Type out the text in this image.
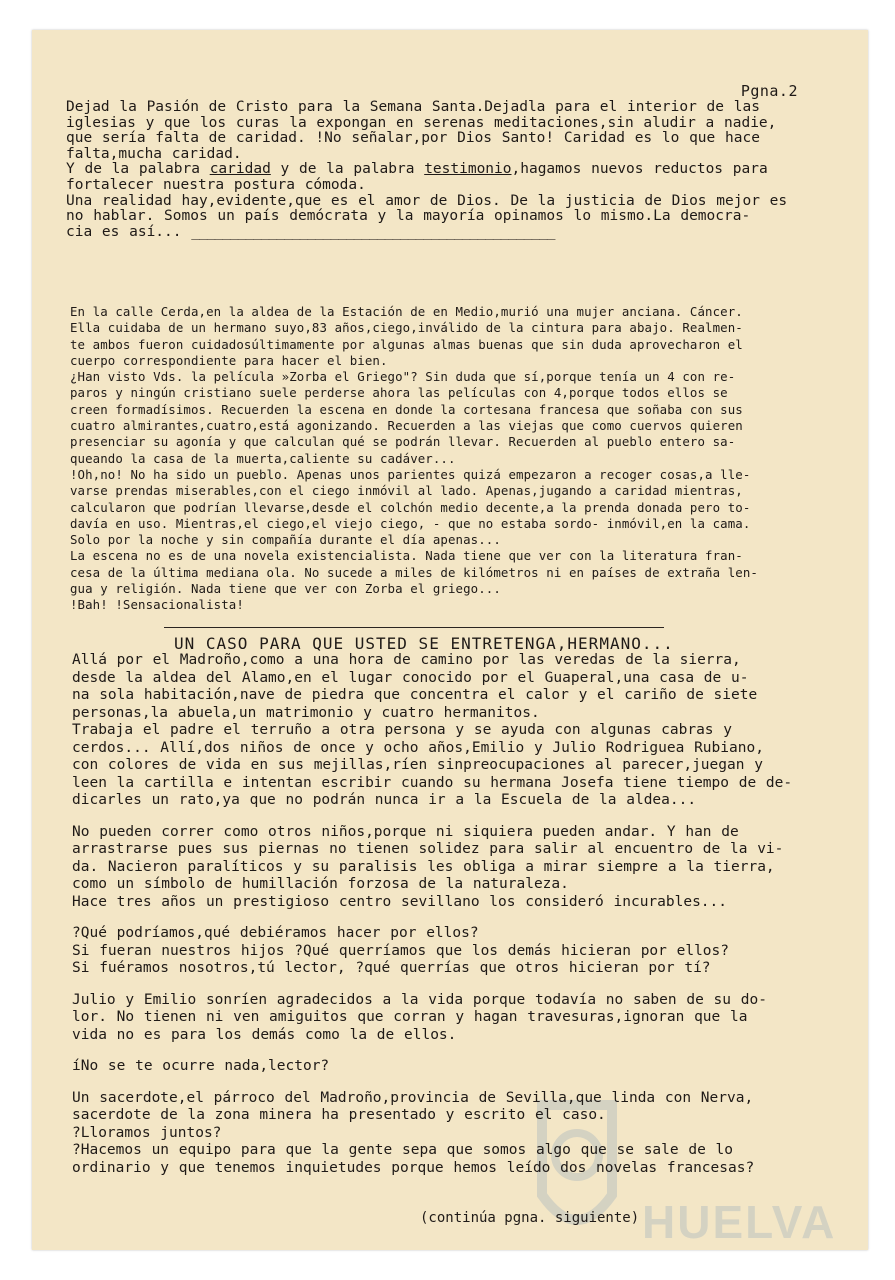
HUELVA
Pgna.2

Dejad la Pasión de Cristo para la Semana Santa.Dejadla para el interior de las

iglesias y que los curas la expongan en serenas meditaciones,sin aludir a nadie,

que sería falta de caridad. !No señalar,por Dios Santo! Caridad es lo que hace

falta,mucha caridad.

Y de la palabra caridad y de la palabra testimonio,hagamos nuevos reductos para

fortalecer nuestra postura cómoda.

Una realidad hay,evidente,que es el amor de Dios. De la justicia de Dios mejor es

no hablar. Somos un país demócrata y la mayoría opinamos lo mismo.La democra-

cia es así... _______________________________________________

En la calle Cerda,en la aldea de la Estación de en Medio,murió una mujer anciana. Cáncer.

Ella cuidaba de un hermano suyo,83 años,ciego,inválido de la cintura para abajo. Realmen-

te ambos fueron cuidadosúltimamente por algunas almas buenas que sin duda aprovecharon el

cuerpo correspondiente para hacer el bien.

¿Han visto Vds. la película »Zorba el Griego"? Sin duda que sí,porque tenía un 4 con re-

paros y ningún cristiano suele perderse ahora las películas con 4,porque todos ellos se

creen formadísimos. Recuerden la escena en donde la cortesana francesa que soñaba con sus

cuatro almirantes,cuatro,está agonizando. Recuerden a las viejas que como cuervos quieren

presenciar su agonía y que calculan qué se podrán llevar. Recuerden al pueblo entero sa-

queando la casa de la muerta,caliente su cadáver...

!Oh,no! No ha sido un pueblo. Apenas unos parientes quizá empezaron a recoger cosas,a lle-

varse prendas miserables,con el ciego inmóvil al lado. Apenas,jugando a caridad mientras,

calcularon que podrían llevarse,desde el colchón medio decente,a la prenda donada pero to-

davía en uso. Mientras,el ciego,el viejo ciego, - que no estaba sordo- inmóvil,en la cama.

Solo por la noche y sin compañía durante el día apenas...

La escena no es de una novela existencialista. Nada tiene que ver con la literatura fran-

cesa de la última mediana ola. No sucede a miles de kilómetros ni en países de extraña len-

gua y religión. Nada tiene que ver con Zorba el griego...

!Bah! !Sensacionalista!

UN CASO PARA QUE USTED SE ENTRETENGA,HERMANO...

Allá por el Madroño,como a una hora de camino por las veredas de la sierra,

desde la aldea del Alamo,en el lugar conocido por el Guaperal,una casa de u-

na sola habitación,nave de piedra que concentra el calor y el cariño de siete

personas,la abuela,un matrimonio y cuatro hermanitos.

Trabaja el padre el terruño a otra persona y se ayuda con algunas cabras y

cerdos... Allí,dos niños de once y ocho años,Emilio y Julio Rodriguea Rubiano,

con colores de vida en sus mejillas,ríen sinpreocupaciones al parecer,juegan y

leen la cartilla e intentan escribir cuando su hermana Josefa tiene tiempo de de-

dicarles un rato,ya que no podrán nunca ir a la Escuela de la aldea...

No pueden correr como otros niños,porque ni siquiera pueden andar. Y han de

arrastrarse pues sus piernas no tienen solidez para salir al encuentro de la vi-

da. Nacieron paralíticos y su paralisis les obliga a mirar siempre a la tierra,

como un símbolo de humillación forzosa de la naturaleza.

Hace tres años un prestigioso centro sevillano los consideró incurables...

?Qué podríamos,qué debiéramos hacer por ellos?

Si fueran nuestros hijos ?Qué querríamos que los demás hicieran por ellos?

Si fuéramos nosotros,tú lector, ?qué querrías que otros hicieran por tí?

Julio y Emilio sonríen agradecidos a la vida porque todavía no saben de su do-

lor. No tienen ni ven amiguitos que corran y hagan travesuras,ignoran que la

vida no es para los demás como la de ellos.

íNo se te ocurre nada,lector?

Un sacerdote,el párroco del Madroño,provincia de Sevilla,que linda con Nerva,

sacerdote de la zona minera ha presentado y escrito el caso.

?Lloramos juntos?

?Hacemos un equipo para que la gente sepa que somos algo que se sale de lo

ordinario y que tenemos inquietudes porque hemos leído dos novelas francesas?

(continúa pgna. siguiente)
